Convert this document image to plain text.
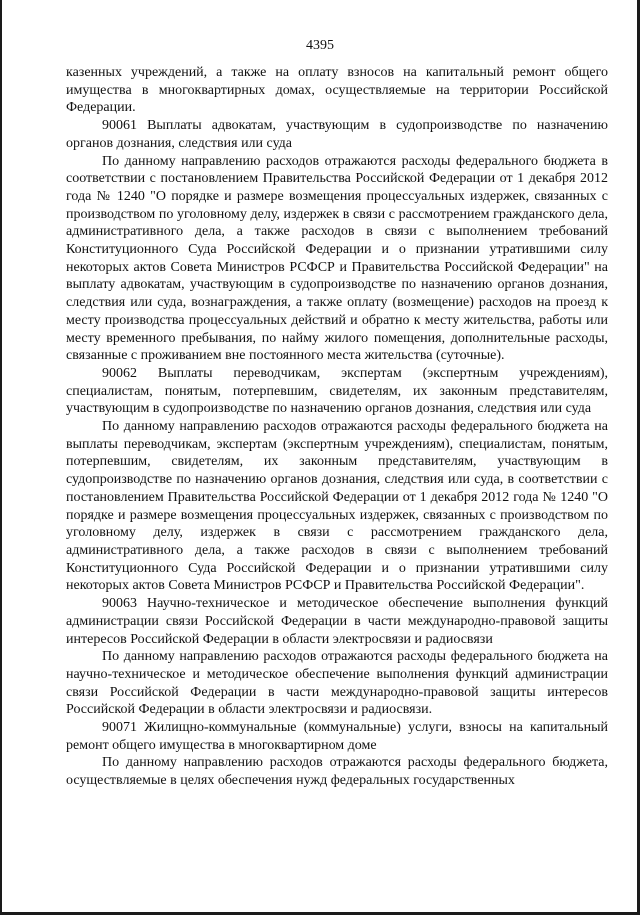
4395

казенных учреждений, а также на оплату взносов на капитальный ремонт общего имущества в многоквартирных домах, осуществляемые на территории Российской Федерации.

90061 Выплаты адвокатам, участвующим в судопроизводстве по назначению органов дознания, следствия или суда

По данному направлению расходов отражаются расходы федерального бюджета в соответствии с постановлением Правительства Российской Федерации от 1 декабря 2012 года № 1240 "О порядке и размере возмещения процессуальных издержек, связанных с производством по уголовному делу, издержек в связи с рассмотрением гражданского дела, административного дела, а также расходов в связи с выполнением требований Конституционного Суда Российской Федерации и о признании утратившими силу некоторых актов Совета Министров РСФСР и Правительства Российской Федерации" на выплату адвокатам, участвующим в судопроизводстве по назначению органов дознания, следствия или суда, вознаграждения, а также оплату (возмещение) расходов на проезд к месту производства процессуальных действий и обратно к месту жительства, работы или месту временного пребывания, по найму жилого помещения, дополнительные расходы, связанные с проживанием вне постоянного места жительства (суточные).

90062 Выплаты переводчикам, экспертам (экспертным учреждениям), специалистам, понятым, потерпевшим, свидетелям, их законным представителям, участвующим в судопроизводстве по назначению органов дознания, следствия или суда

По данному направлению расходов отражаются расходы федерального бюджета на выплаты переводчикам, экспертам (экспертным учреждениям), специалистам, понятым, потерпевшим, свидетелям, их законным представителям, участвующим в судопроизводстве по назначению органов дознания, следствия или суда, в соответствии с постановлением Правительства Российской Федерации от 1 декабря 2012 года № 1240 "О порядке и размере возмещения процессуальных издержек, связанных с производством по уголовному делу, издержек в связи с рассмотрением гражданского дела, административного дела, а также расходов в связи с выполнением требований Конституционного Суда Российской Федерации и о признании утратившими силу некоторых актов Совета Министров РСФСР и Правительства Российской Федерации".

90063 Научно-техническое и методическое обеспечение выполнения функций администрации связи Российской Федерации в части международно-правовой защиты интересов Российской Федерации в области электросвязи и радиосвязи

По данному направлению расходов отражаются расходы федерального бюджета на научно-техническое и методическое обеспечение выполнения функций администрации связи Российской Федерации в части международно-правовой защиты интересов Российской Федерации в области электросвязи и радиосвязи.

90071 Жилищно-коммунальные (коммунальные) услуги, взносы на капитальный ремонт общего имущества в многоквартирном доме

По данному направлению расходов отражаются расходы федерального бюджета, осуществляемые в целях обеспечения нужд федеральных государственных
